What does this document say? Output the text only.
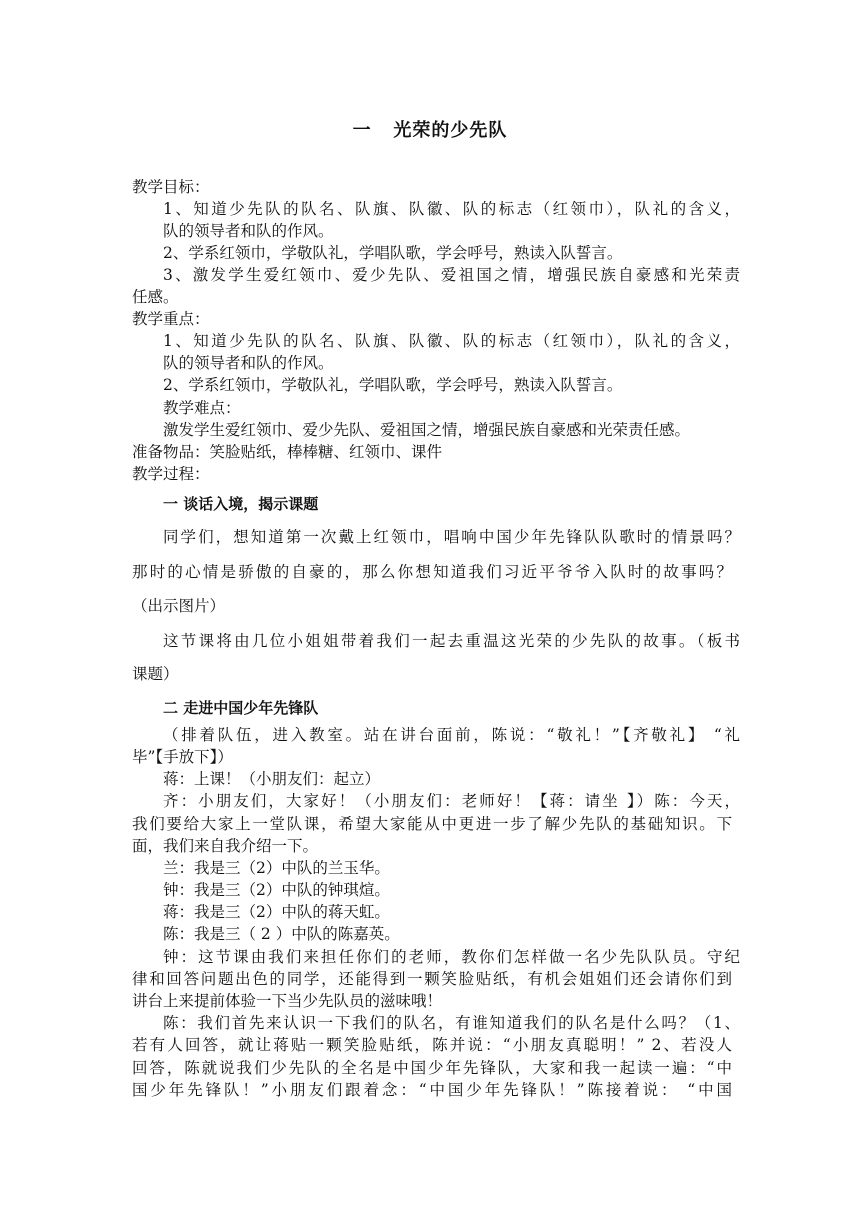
一   光荣的少先队
教学目标：
1、知道少先队的队名、队旗、队徽、队的标志（红领巾），队礼的含义，
队的领导者和队的作风。
2、学系红领巾，学敬队礼，学唱队歌，学会呼号，熟读入队誓言。
3、激发学生爱红领巾、爱少先队、爱祖国之情，增强民族自豪感和光荣责
任感。
教学重点：
1、知道少先队的队名、队旗、队徽、队的标志（红领巾），队礼的含义，
队的领导者和队的作风。
2、学系红领巾，学敬队礼，学唱队歌，学会呼号，熟读入队誓言。
教学难点：
激发学生爱红领巾、爱少先队、爱祖国之情，增强民族自豪感和光荣责任感。
准备物品：笑脸贴纸，棒棒糖、红领巾、课件
教学过程：
一 谈话入境，揭示课题
同学们，想知道第一次戴上红领巾，唱响中国少年先锋队队歌时的情景吗？
那时的心情是骄傲的自豪的，那么你想知道我们习近平爷爷入队时的故事吗？
（出示图片）
这节课将由几位小姐姐带着我们一起去重温这光荣的少先队的故事。（板书
课题）
二 走进中国少年先锋队
（排着队伍，进入教室。站在讲台面前，陈说：“敬礼！”【齐敬礼】 “礼
毕”【手放下】）
蒋：上课！（小朋友们：起立）
齐：小朋友们，大家好！（小朋友们：老师好！【蒋：请坐 】）陈：今天，
我们要给大家上一堂队课，希望大家能从中更进一步了解少先队的基础知识。下
面，我们来自我介绍一下。
兰：我是三（2）中队的兰玉华。
钟：我是三（2）中队的钟琪煊。
蒋：我是三（2）中队的蒋天虹。
陈：我是三（ 2 ）中队的陈嘉英。
钟：这节课由我们来担任你们的老师，教你们怎样做一名少先队队员。守纪
律和回答问题出色的同学，还能得到一颗笑脸贴纸，有机会姐姐们还会请你们到
讲台上来提前体验一下当少先队员的滋味哦！
陈：我们首先来认识一下我们的队名，有谁知道我们的队名是什么吗？（1、
若有人回答，就让蒋贴一颗笑脸贴纸，陈并说：“小朋友真聪明！” 2、若没人
回答，陈就说我们少先队的全名是中国少年先锋队，大家和我一起读一遍：“中
国少年先锋队！”小朋友们跟着念：“中国少年先锋队！”陈接着说： “中国
